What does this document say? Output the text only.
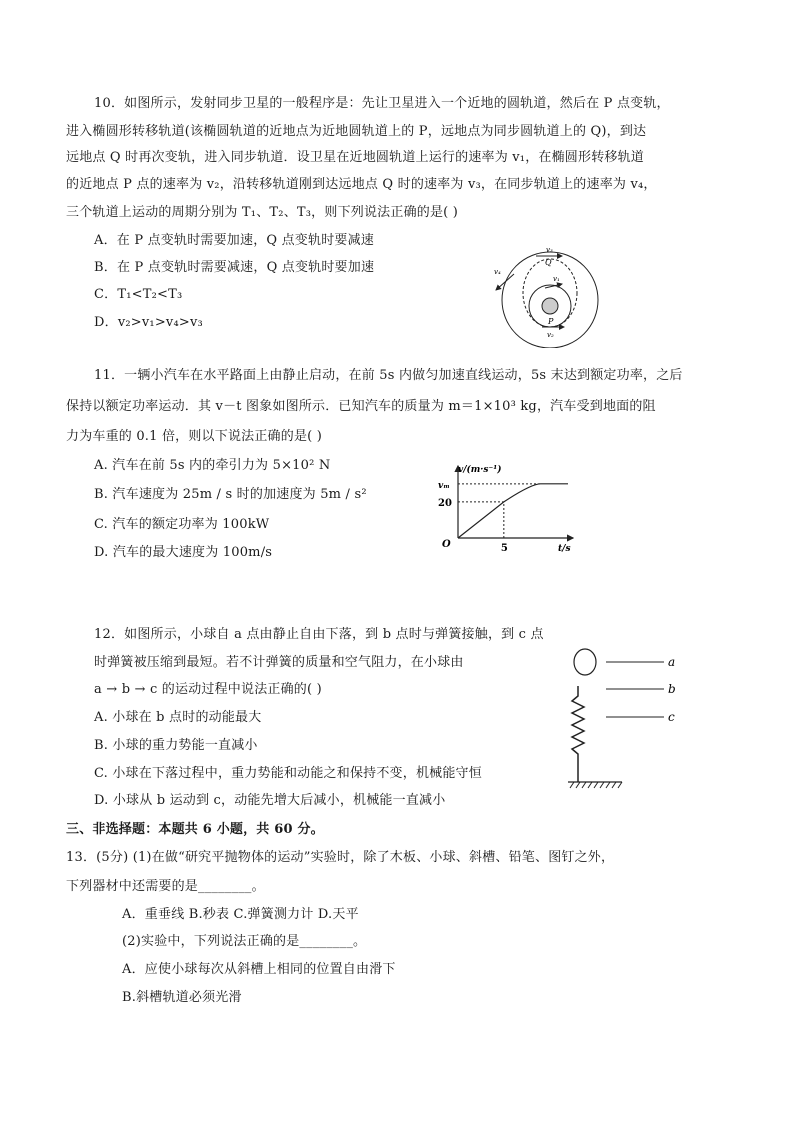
10．如图所示，发射同步卫星的一般程序是：先让卫星进入一个近地的圆轨道，然后在 P 点变轨，
进入椭圆形转移轨道(该椭圆轨道的近地点为近地圆轨道上的 P，远地点为同步圆轨道上的 Q)，到达
远地点 Q 时再次变轨，进入同步轨道．设卫星在近地圆轨道上运行的速率为 v₁，在椭圆形转移轨道
的近地点 P 点的速率为 v₂，沿转移轨道刚到达远地点 Q 时的速率为 v₃，在同步轨道上的速率为 v₄，
三个轨道上运动的周期分别为 T₁、T₂、T₃，则下列说法正确的是( )
A．在 P 点变轨时需要加速，Q 点变轨时要减速
B．在 P 点变轨时需要减速，Q 点变轨时要加速
C．T₁<T₂<T₃
D．v₂>v₁>v₄>v₃
v₃
Q
v₄
v₁
P
v₂
11．一辆小汽车在水平路面上由静止启动，在前 5s 内做匀加速直线运动，5s 末达到额定功率，之后
保持以额定功率运动．其 v－t 图象如图所示．已知汽车的质量为 m＝1×10³ kg，汽车受到地面的阻
力为车重的 0.1 倍，则以下说法正确的是( )
A. 汽车在前 5s 内的牵引力为 5×10² N
B. 汽车速度为 25m / s 时的加速度为 5m / s²
C. 汽车的额定功率为 100kW
D. 汽车的最大速度为 100m/s	5
20
vₘ
v/(m·s⁻¹)
t/s
O
12．如图所示，小球自 a 点由静止自由下落，到 b 点时与弹簧接触，到 c 点
时弹簧被压缩到最短。若不计弹簧的质量和空气阻力，在小球由
a → b → c 的运动过程中说法正确的( )
A. 小球在 b 点时的动能最大
B. 小球的重力势能一直减小
C. 小球在下落过程中，重力势能和动能之和保持不变，机械能守恒
D. 小球从 b 运动到 c，动能先增大后减小，机械能一直减小
a
b
c
三、非选择题：本题共 6 小题，共 60 分。
13．(5分) (1)在做“研究平抛物体的运动”实验时，除了木板、小球、斜槽、铅笔、图钉之外，
下列器材中还需要的是________。
A．重垂线 B.秒表 C.弹簧测力计 D.天平
(2)实验中，下列说法正确的是________。
A．应使小球每次从斜槽上相同的位置自由滑下
B.斜槽轨道必须光滑
